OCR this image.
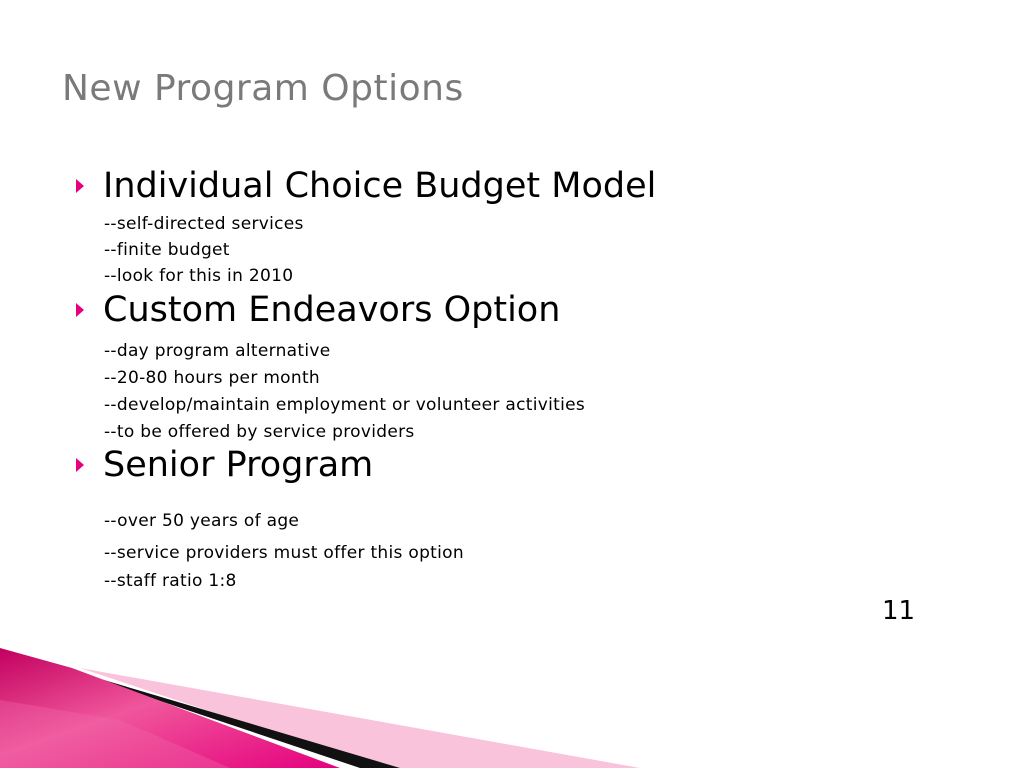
New Program Options
Individual Choice Budget Model
--self-directed services
--finite budget
--look for this in 2010
Custom Endeavors Option
--day program alternative
--20-80 hours per month
--develop/maintain employment or volunteer activities
--to be offered by service providers
Senior Program
--over 50 years of age
--service providers must offer this option
--staff ratio 1:8
11
